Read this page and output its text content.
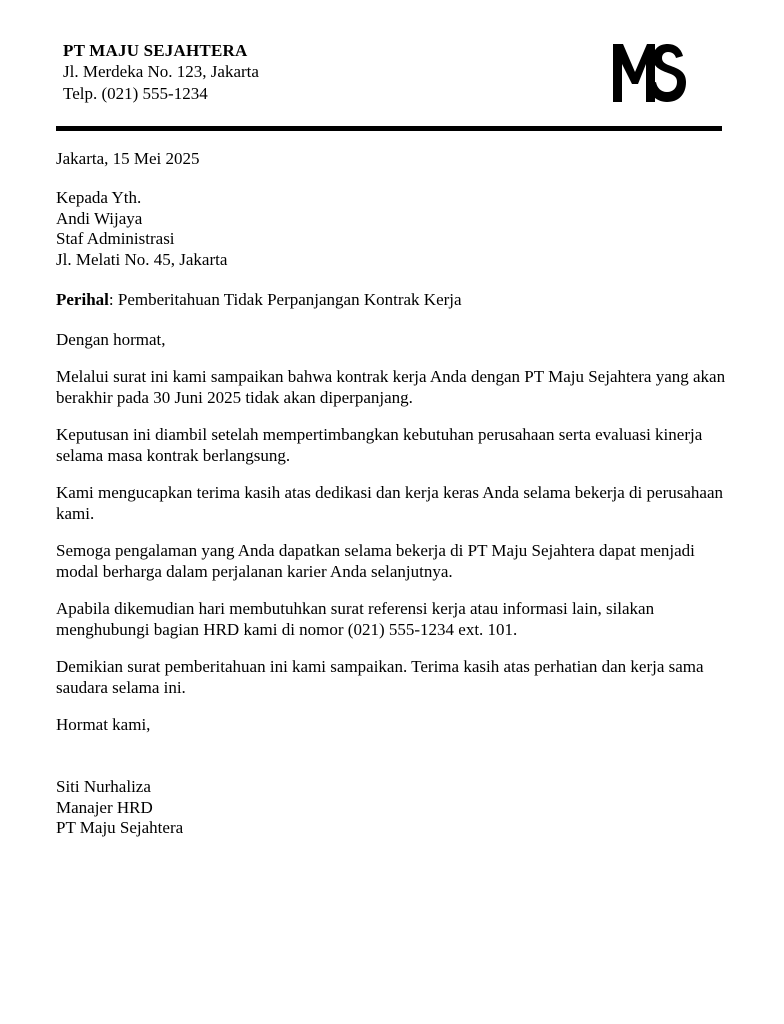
PT MAJU SEJAHTERA
Jl. Merdeka No. 123, Jakarta
Telp. (021) 555-1234
Jakarta, 15 Mei 2025
Kepada Yth.
Andi Wijaya
Staf Administrasi
Jl. Melati No. 45, Jakarta
Perihal: Pemberitahuan Tidak Perpanjangan Kontrak Kerja
Dengan hormat,
Melalui surat ini kami sampaikan bahwa kontrak kerja Anda dengan PT Maju Sejahtera yang akan berakhir pada 30 Juni 2025 tidak akan diperpanjang.
Keputusan ini diambil setelah mempertimbangkan kebutuhan perusahaan serta evaluasi kinerja selama masa kontrak berlangsung.
Kami mengucapkan terima kasih atas dedikasi dan kerja keras Anda selama bekerja di perusahaan kami.
Semoga pengalaman yang Anda dapatkan selama bekerja di PT Maju Sejahtera dapat menjadi modal berharga dalam perjalanan karier Anda selanjutnya.
Apabila dikemudian hari membutuhkan surat referensi kerja atau informasi lain, silakan menghubungi bagian HRD kami di nomor (021) 555-1234 ext. 101.
Demikian surat pemberitahuan ini kami sampaikan. Terima kasih atas perhatian dan kerja sama saudara selama ini.
Hormat kami,
Siti Nurhaliza
Manajer HRD
PT Maju Sejahtera
